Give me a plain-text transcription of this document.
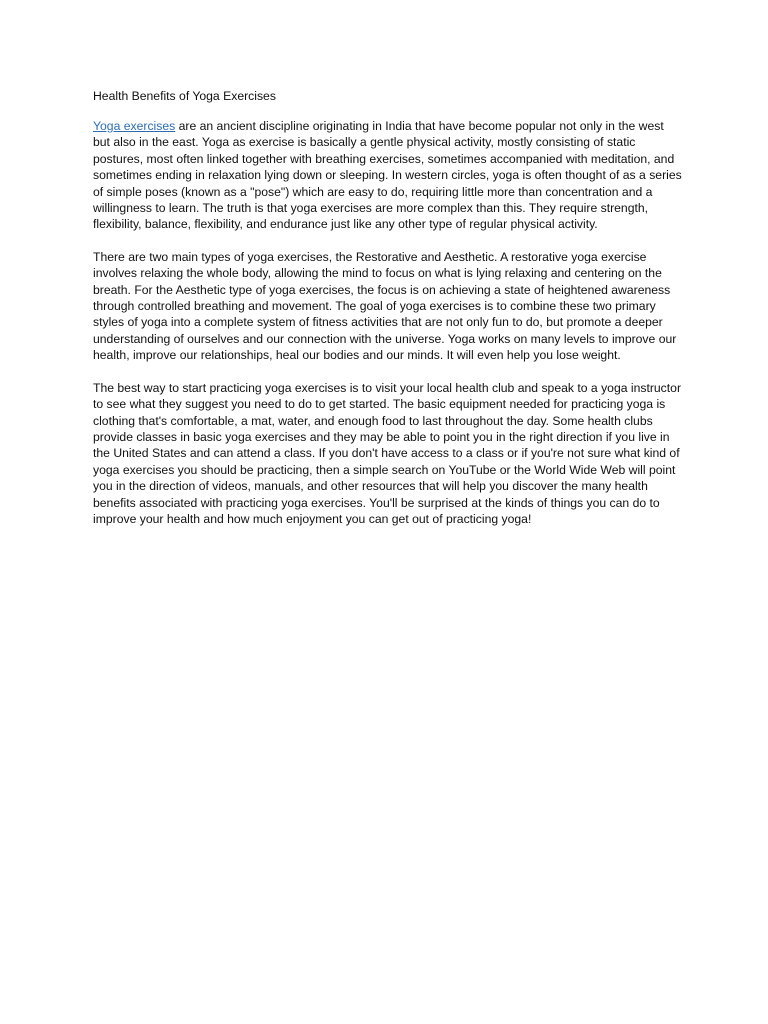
Health Benefits of Yoga Exercises

Yoga exercises are an ancient discipline originating in India that have become popular not only in the west but also in the east. Yoga as exercise is basically a gentle physical activity, mostly consisting of static postures, most often linked together with breathing exercises, sometimes accompanied with meditation, and sometimes ending in relaxation lying down or sleeping. In western circles, yoga is often thought of as a series of simple poses (known as a "pose") which are easy to do, requiring little more than concentration and a willingness to learn. The truth is that yoga exercises are more complex than this. They require strength, flexibility, balance, flexibility, and endurance just like any other type of regular physical activity.

There are two main types of yoga exercises, the Restorative and Aesthetic. A restorative yoga exercise involves relaxing the whole body, allowing the mind to focus on what is lying relaxing and centering on the breath. For the Aesthetic type of yoga exercises, the focus is on achieving a state of heightened awareness through controlled breathing and movement. The goal of yoga exercises is to combine these two primary styles of yoga into a complete system of fitness activities that are not only fun to do, but promote a deeper understanding of ourselves and our connection with the universe. Yoga works on many levels to improve our health, improve our relationships, heal our bodies and our minds. It will even help you lose weight.

The best way to start practicing yoga exercises is to visit your local health club and speak to a yoga instructor to see what they suggest you need to do to get started. The basic equipment needed for practicing yoga is clothing that's comfortable, a mat, water, and enough food to last throughout the day. Some health clubs provide classes in basic yoga exercises and they may be able to point you in the right direction if you live in the United States and can attend a class. If you don't have access to a class or if you're not sure what kind of yoga exercises you should be practicing, then a simple search on YouTube or the World Wide Web will point you in the direction of videos, manuals, and other resources that will help you discover the many health benefits associated with practicing yoga exercises. You'll be surprised at the kinds of things you can do to improve your health and how much enjoyment you can get out of practicing yoga!
